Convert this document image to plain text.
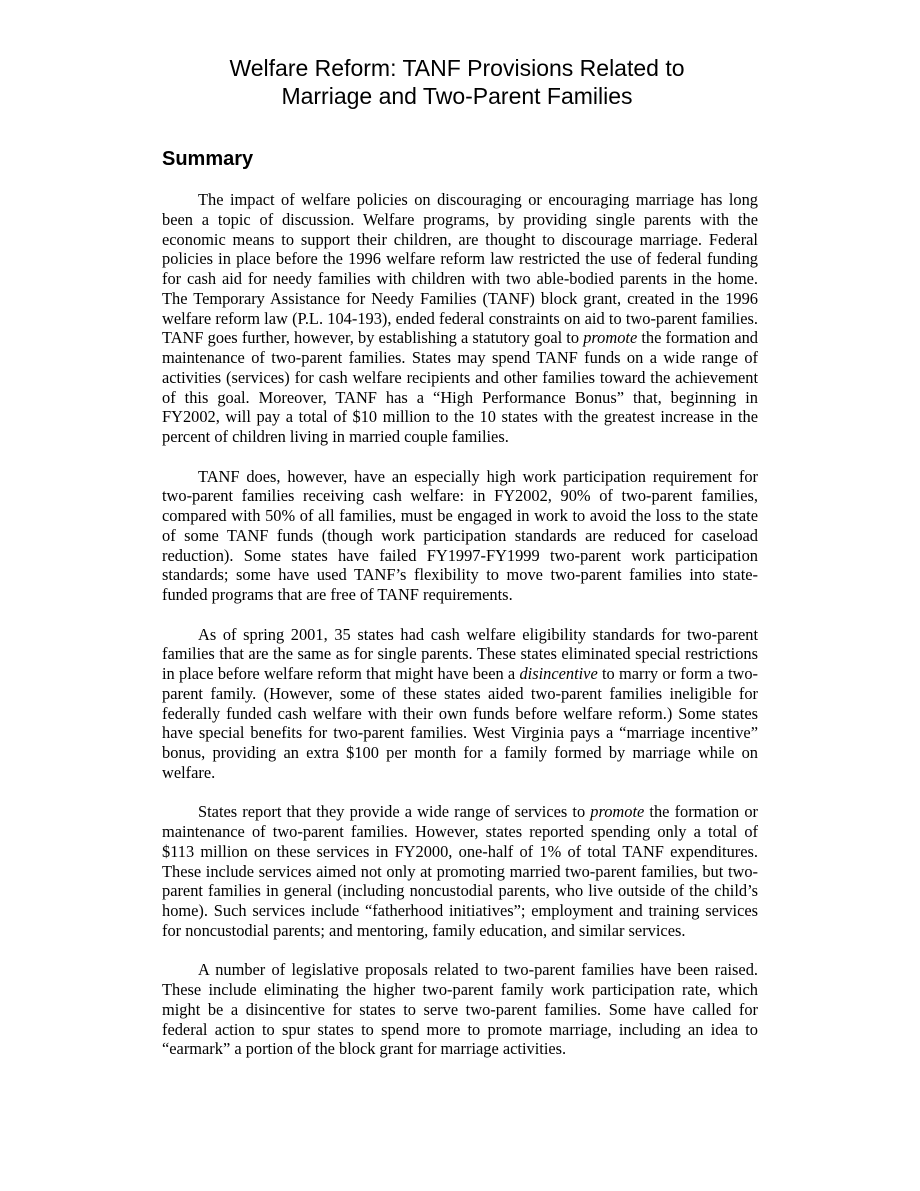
Welfare Reform: TANF Provisions Related to
Marriage and Two-Parent Families
Summary

The impact of welfare policies on discouraging or encouraging marriage has long been a topic of discussion. Welfare programs, by providing single parents with the economic means to support their children, are thought to discourage marriage. Federal policies in place before the 1996 welfare reform law restricted the use of federal funding for cash aid for needy families with children with two able-bodied parents in the home. The Temporary Assistance for Needy Families (TANF) block grant, created in the 1996 welfare reform law (P.L. 104-193), ended federal constraints on aid to two-parent families. TANF goes further, however, by establishing a statutory goal to promote the formation and maintenance of two-parent families. States may spend TANF funds on a wide range of activities (services) for cash welfare recipients and other families toward the achievement of this goal. Moreover, TANF has a “High Performance Bonus” that, beginning in FY2002, will pay a total of $10 million to the 10 states with the greatest increase in the percent of children living in married couple families.

TANF does, however, have an especially high work participation requirement for two-parent families receiving cash welfare: in FY2002, 90% of two-parent families, compared with 50% of all families, must be engaged in work to avoid the loss to the state of some TANF funds (though work participation standards are reduced for caseload reduction). Some states have failed FY1997-FY1999 two-parent work participation standards; some have used TANF’s flexibility to move two-parent families into state-funded programs that are free of TANF requirements.

As of spring 2001, 35 states had cash welfare eligibility standards for two-parent families that are the same as for single parents. These states eliminated special restrictions in place before welfare reform that might have been a disincentive to marry or form a two-parent family. (However, some of these states aided two-parent families ineligible for federally funded cash welfare with their own funds before welfare reform.) Some states have special benefits for two-parent families. West Virginia pays a “marriage incentive” bonus, providing an extra $100 per month for a family formed by marriage while on welfare.

States report that they provide a wide range of services to promote the formation or maintenance of two-parent families. However, states reported spending only a total of $113 million on these services in FY2000, one-half of 1% of total TANF expenditures. These include services aimed not only at promoting married two-parent families, but two-parent families in general (including noncustodial parents, who live outside of the child’s home). Such services include “fatherhood initiatives”; employment and training services for noncustodial parents; and mentoring, family education, and similar services.

A number of legislative proposals related to two-parent families have been raised. These include eliminating the higher two-parent family work participation rate, which might be a disincentive for states to serve two-parent families. Some have called for federal action to spur states to spend more to promote marriage, including an idea to “earmark” a portion of the block grant for marriage activities.
